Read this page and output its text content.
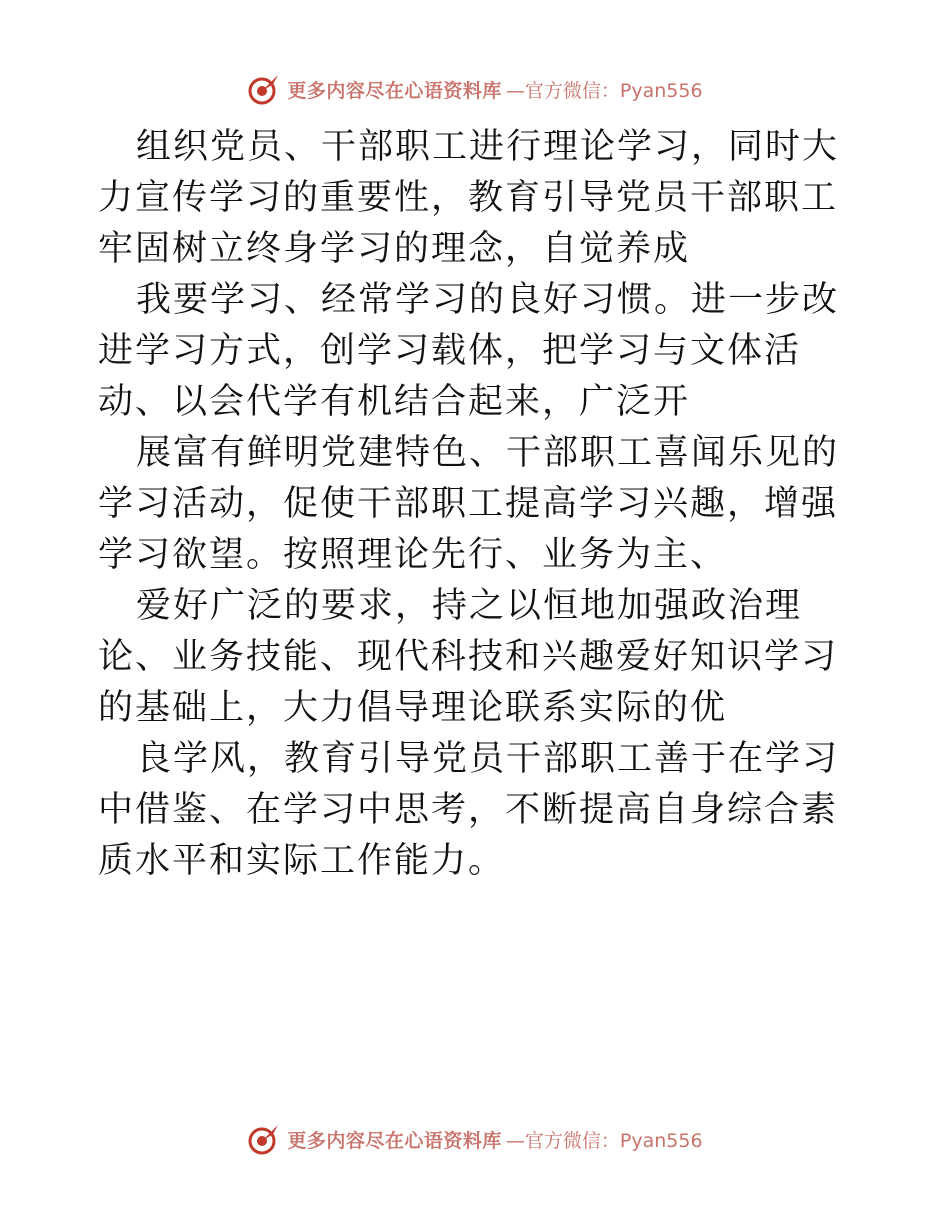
更多内容尽在心语资料库 —官方微信：Pyan556

组织党员、干部职工进行理论学习，同时大力宣传学习的重要性，教育引导党员干部职工牢固树立终身学习的理念，自觉养成

我要学习、经常学习的良好习惯。进一步改进学习方式，创学习载体，把学习与文体活动、以会代学有机结合起来，广泛开

展富有鲜明党建特色、干部职工喜闻乐见的学习活动，促使干部职工提高学习兴趣，增强学习欲望。按照理论先行、业务为主、

爱好广泛的要求，持之以恒地加强政治理论、业务技能、现代科技和兴趣爱好知识学习的基础上，大力倡导理论联系实际的优

良学风，教育引导党员干部职工善于在学习中借鉴、在学习中思考，不断提高自身综合素质水平和实际工作能力。

更多内容尽在心语资料库 —官方微信：Pyan556
